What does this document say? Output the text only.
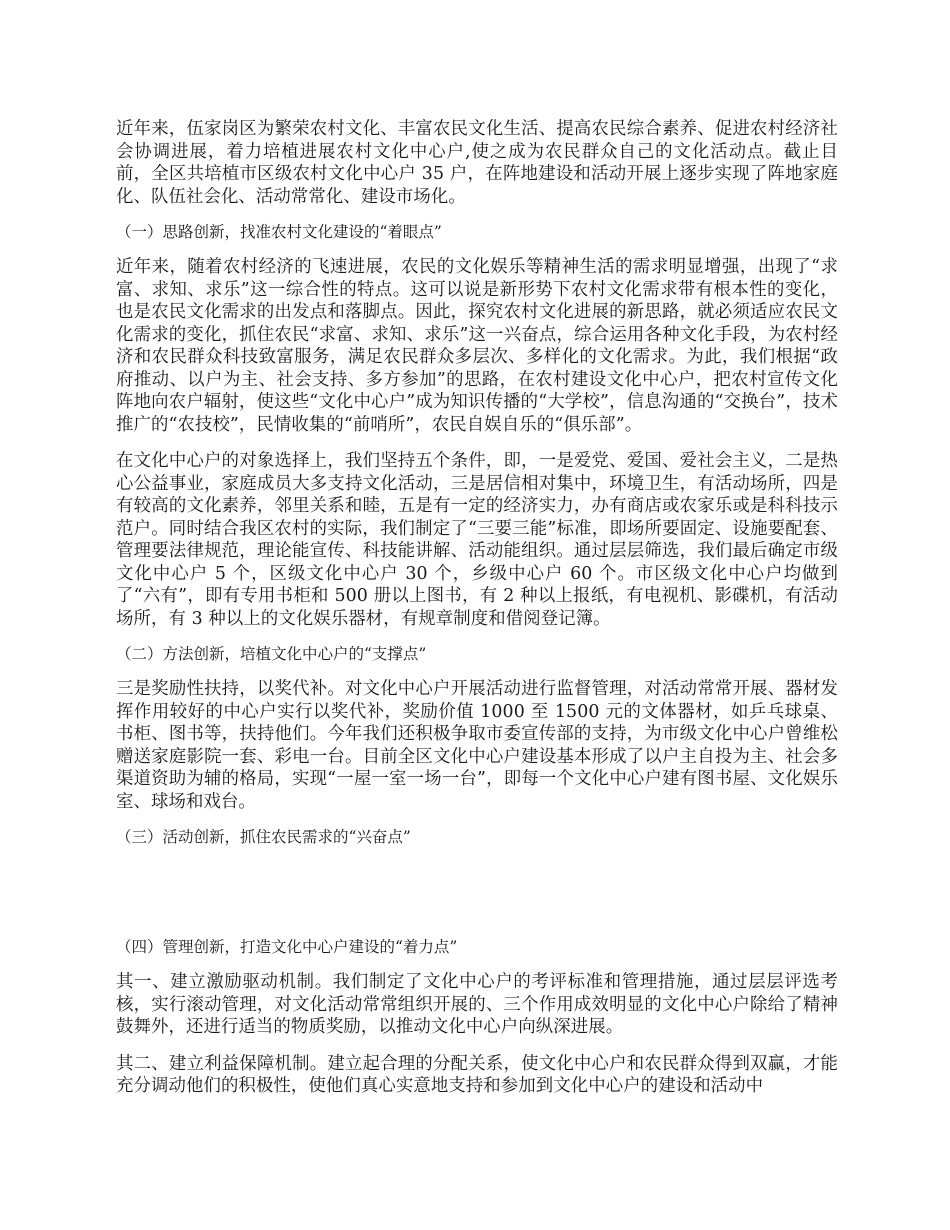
近年来，伍家岗区为繁荣农村文化、丰富农民文化生活、提高农民综合素养、促进农村经济社会协调进展，着力培植进展农村文化中心户,使之成为农民群众自己的文化活动点。截止目前，全区共培植市区级农村文化中心户 35 户，在阵地建设和活动开展上逐步实现了阵地家庭化、队伍社会化、活动常常化、建设市场化。

（一）思路创新，找准农村文化建设的“着眼点”

近年来，随着农村经济的飞速进展，农民的文化娱乐等精神生活的需求明显增强，出现了“求富、求知、求乐”这一综合性的特点。这可以说是新形势下农村文化需求带有根本性的变化，也是农民文化需求的出发点和落脚点。因此，探究农村文化进展的新思路，就必须适应农民文化需求的变化，抓住农民“求富、求知、求乐”这一兴奋点，综合运用各种文化手段，为农村经济和农民群众科技致富服务，满足农民群众多层次、多样化的文化需求。为此，我们根据“政府推动、以户为主、社会支持、多方参加”的思路，在农村建设文化中心户，把农村宣传文化阵地向农户辐射，使这些“文化中心户”成为知识传播的“大学校”，信息沟通的“交换台”，技术推广的“农技校”，民情收集的“前哨所”，农民自娱自乐的“俱乐部”。

在文化中心户的对象选择上，我们坚持五个条件，即，一是爱党、爱国、爱社会主义，二是热心公益事业，家庭成员大多支持文化活动，三是居信相对集中，环境卫生，有活动场所，四是有较高的文化素养，邻里关系和睦，五是有一定的经济实力，办有商店或农家乐或是科科技示范户。同时结合我区农村的实际，我们制定了“三要三能”标准，即场所要固定、设施要配套、管理要法律规范，理论能宣传、科技能讲解、活动能组织。通过层层筛选，我们最后确定市级文化中心户 5 个，区级文化中心户 30 个，乡级中心户 60 个。市区级文化中心户均做到了“六有”，即有专用书柜和 500 册以上图书，有 2 种以上报纸，有电视机、影碟机，有活动场所，有 3 种以上的文化娱乐器材，有规章制度和借阅登记簿。

（二）方法创新，培植文化中心户的“支撑点”

三是奖励性扶持，以奖代补。对文化中心户开展活动进行监督管理，对活动常常开展、器材发挥作用较好的中心户实行以奖代补，奖励价值 1000 至 1500 元的文体器材，如乒乓球桌、书柜、图书等，扶持他们。今年我们还积极争取市委宣传部的支持，为市级文化中心户曾维松赠送家庭影院一套、彩电一台。目前全区文化中心户建设基本形成了以户主自投为主、社会多渠道资助为辅的格局，实现“一屋一室一场一台”，即每一个文化中心户建有图书屋、文化娱乐室、球场和戏台。

（三）活动创新，抓住农民需求的“兴奋点”

（四）管理创新，打造文化中心户建设的“着力点”

其一、建立激励驱动机制。我们制定了文化中心户的考评标准和管理措施，通过层层评选考核，实行滚动管理，对文化活动常常组织开展的、三个作用成效明显的文化中心户除给了精神鼓舞外，还进行适当的物质奖励，以推动文化中心户向纵深进展。

其二、建立利益保障机制。建立起合理的分配关系，使文化中心户和农民群众得到双赢，才能充分调动他们的积极性，使他们真心实意地支持和参加到文化中心户的建设和活动中
